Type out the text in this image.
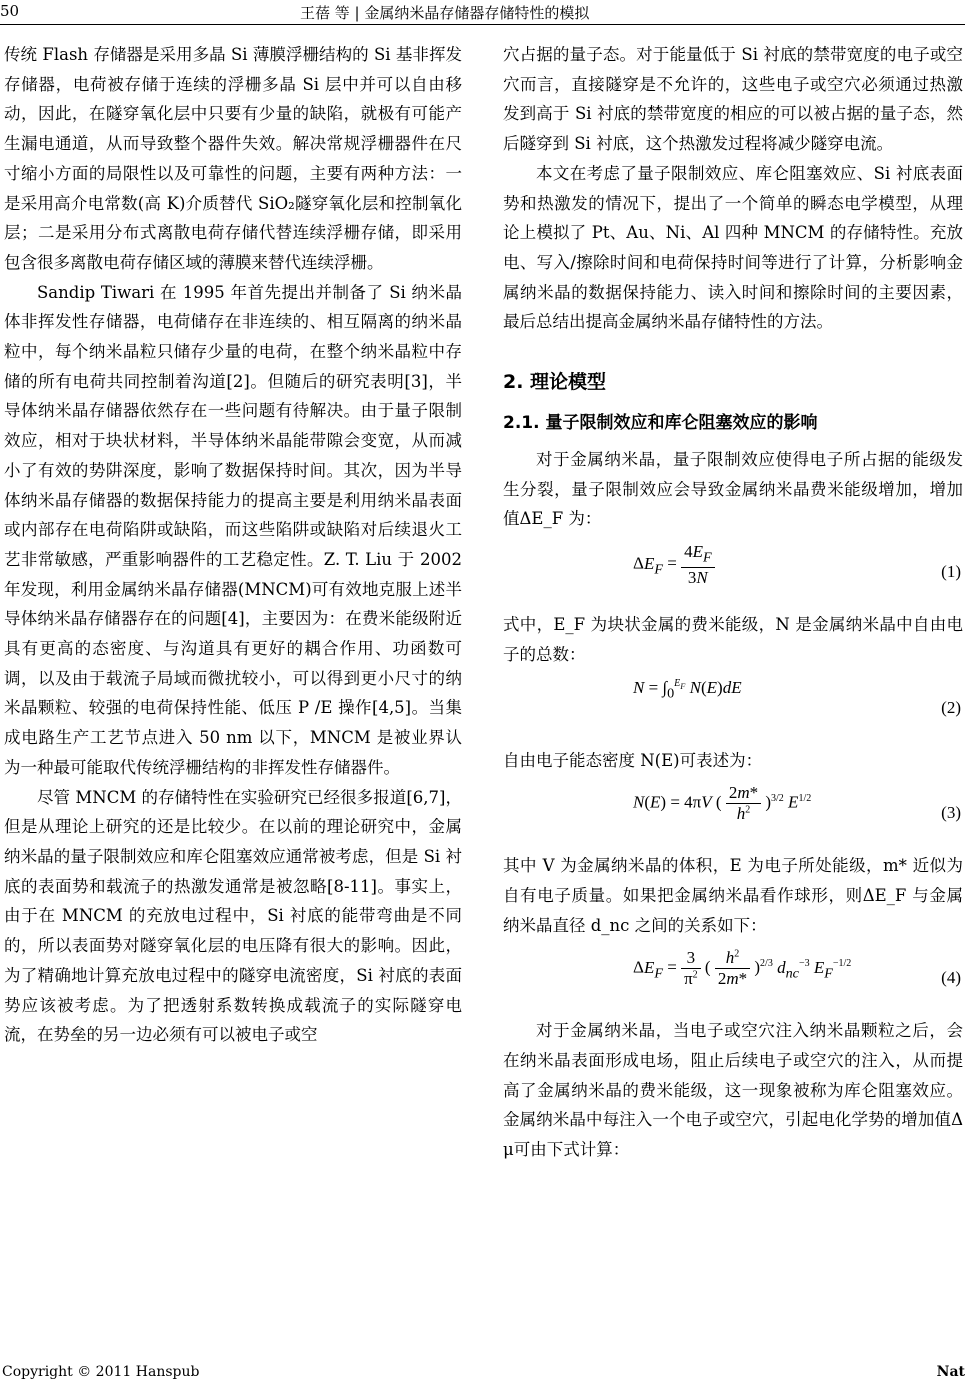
50	王蓓 等 | 金属纳米晶存储器存储特性的模拟

传统 Flash 存储器是采用多晶 Si 薄膜浮栅结构的 Si 基非挥发存储器，电荷被存储于连续的浮栅多晶 Si 层中并可以自由移动，因此，在隧穿氧化层中只要有少量的缺陷，就极有可能产生漏电通道，从而导致整个器件失效。解决常规浮栅器件在尺寸缩小方面的局限性以及可靠性的问题，主要有两种方法：一是采用高介电常数(高 K)介质替代 SiO₂隧穿氧化层和控制氧化层；二是采用分布式离散电荷存储代替连续浮栅存储，即采用包含很多离散电荷存储区域的薄膜来替代连续浮栅。

Sandip Tiwari 在 1995 年首先提出并制备了 Si 纳米晶体非挥发性存储器，电荷储存在非连续的、相互隔离的纳米晶粒中，每个纳米晶粒只储存少量的电荷，在整个纳米晶粒中存储的所有电荷共同控制着沟道[2]。但随后的研究表明[3]，半导体纳米晶存储器依然存在一些问题有待解决。由于量子限制效应，相对于块状材料，半导体纳米晶能带隙会变宽，从而减小了有效的势阱深度，影响了数据保持时间。其次，因为半导体纳米晶存储器的数据保持能力的提高主要是利用纳米晶表面或内部存在电荷陷阱或缺陷，而这些陷阱或缺陷对后续退火工艺非常敏感，严重影响器件的工艺稳定性。Z. T. Liu 于 2002 年发现，利用金属纳米晶存储器(MNCM)可有效地克服上述半导体纳米晶存储器存在的问题[4]，主要因为：在费米能级附近具有更高的态密度、与沟道具有更好的耦合作用、功函数可调，以及由于载流子局域而微扰较小，可以得到更小尺寸的纳米晶颗粒、较强的电荷保持性能、低压 P /E 操作[4,5]。当集成电路生产工艺节点进入 50 nm 以下，MNCM 是被业界认为一种最可能取代传统浮栅结构的非挥发性存储器件。

尽管 MNCM 的存储特性在实验研究已经很多报道[6,7]，但是从理论上研究的还是比较少。在以前的理论研究中，金属纳米晶的量子限制效应和库仑阻塞效应通常被考虑，但是 Si 衬底的表面势和载流子的热激发通常是被忽略[8-11]。事实上，由于在 MNCM 的充放电过程中，Si 衬底的能带弯曲是不同的，所以表面势对隧穿氧化层的电压降有很大的影响。因此，为了精确地计算充放电过程中的隧穿电流密度，Si 衬底的表面势应该被考虑。为了把透射系数转换成载流子的实际隧穿电流，在势垒的另一边必须有可以被电子或空

穴占据的量子态。对于能量低于 Si 衬底的禁带宽度的电子或空穴而言，直接隧穿是不允许的，这些电子或空穴必须通过热激发到高于 Si 衬底的禁带宽度的相应的可以被占据的量子态，然后隧穿到 Si 衬底，这个热激发过程将减少隧穿电流。

本文在考虑了量子限制效应、库仑阻塞效应、Si 衬底表面势和热激发的情况下，提出了一个简单的瞬态电学模型，从理论上模拟了 Pt、Au、Ni、Al 四种 MNCM 的存储特性。充放电、写入/擦除时间和电荷保持时间等进行了计算，分析影响金属纳米晶的数据保持能力、读入时间和擦除时间的主要因素，最后总结出提高金属纳米晶存储特性的方法。

2. 理论模型
2.1. 量子限制效应和库仑阻塞效应的影响

对于金属纳米晶，量子限制效应使得电子所占据的能级发生分裂，量子限制效应会导致金属纳米晶费米能级增加，增加值ΔE_F 为：

$\Delta E_F = \frac{4E_F}{3N}$	(1)

式中，E_F 为块状金属的费米能级，N 是金属纳米晶中自由电子的总数：

$N = \int_0^{E_F}$ N(E)dE
(2)

自由电子能态密度 N(E)可表述为：

N(E) = 4πV ( $\frac{2m*}{h^2} )^{3/2}$ $E^{1/2}$
(3)

其中 V 为金属纳米晶的体积，E 为电子所处能级，m* 近似为自有电子质量。如果把金属纳米晶看作球形，则ΔE_F 与金属纳米晶直径 d_nc 之间的关系如下：

$\Delta E_F = \frac{3}{\pi^2}$ ( $\frac{h^2}{2m*} )^{2/3}$ $d_{nc}^{-3}$ $E_F^{-1/2}$
(4)

对于金属纳米晶，当电子或空穴注入纳米晶颗粒之后，会在纳米晶表面形成电场，阻止后续电子或空穴的注入，从而提高了金属纳米晶的费米能级，这一现象被称为库仑阻塞效应。金属纳米晶中每注入一个电子或空穴，引起电化学势的增加值Δμ可由下式计算：

Copyright © 2011 Hanspub	Nat
